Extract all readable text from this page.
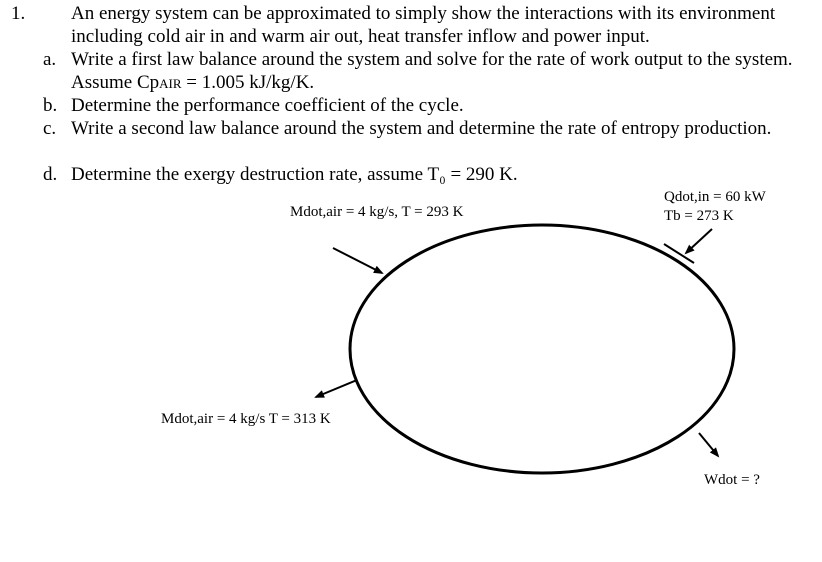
1. An energy system can be approximated to simply show the interactions with its environment including cold air in and warm air out, heat transfer inflow and power input.
a. Write a first law balance around the system and solve for the rate of work output to the system. Assume CpAIR = 1.005 kJ/kg/K.
b. Determine the performance coefficient of the cycle.
c. Write a second law balance around the system and determine the rate of entropy production.
d. Determine the exergy destruction rate, assume T₀ = 290 K.
Mdot,air = 4 kg/s, T = 293 K
Mdot,air = 4 kg/s T = 313 K
Qdot,in = 60 kW
Tb = 273 K
Wdot = ?
